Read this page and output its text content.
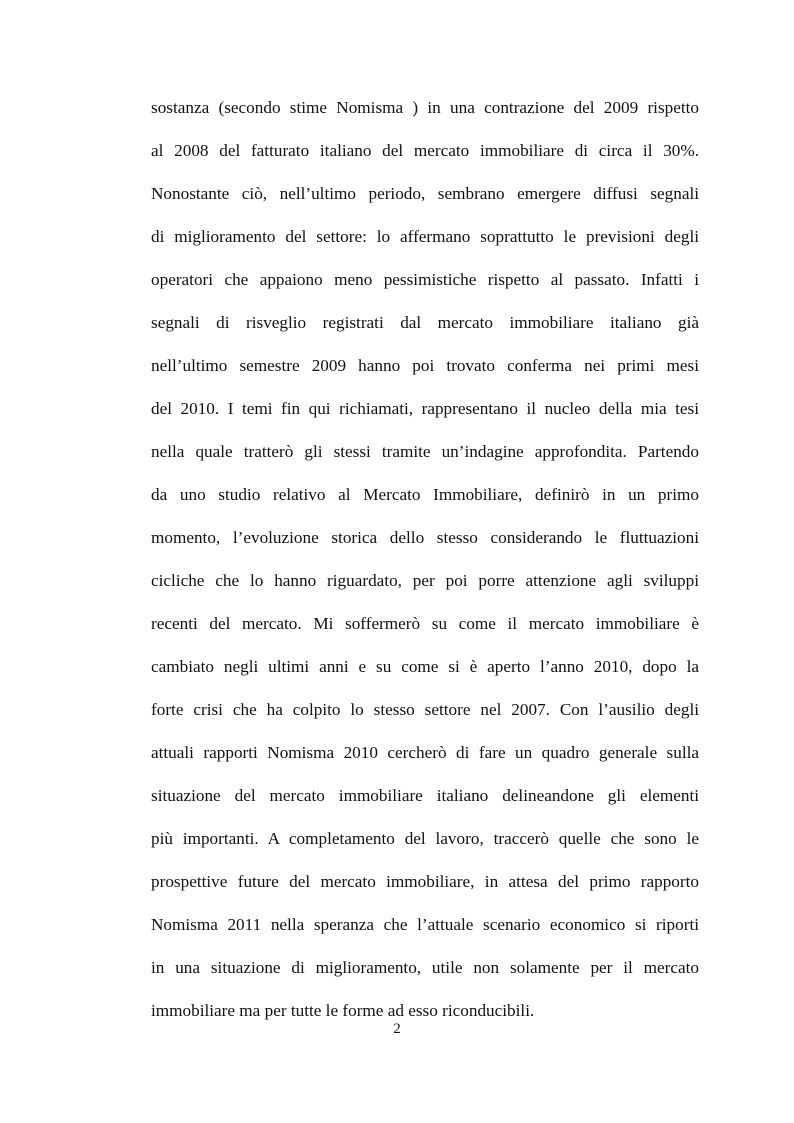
sostanza (secondo stime Nomisma ) in una contrazione del 2009 rispetto
al 2008 del fatturato italiano del mercato immobiliare di circa il 30%.
Nonostante ciò, nell’ultimo periodo, sembrano emergere diffusi segnali
di miglioramento del settore: lo affermano soprattutto le previsioni degli
operatori che appaiono meno pessimistiche rispetto al passato. Infatti i
segnali di risveglio registrati dal mercato immobiliare italiano già
nell’ultimo semestre 2009 hanno poi trovato conferma nei primi mesi
del 2010. I temi fin qui richiamati, rappresentano il nucleo della mia tesi
nella quale tratterò gli stessi tramite un’indagine approfondita. Partendo
da uno studio relativo al Mercato Immobiliare, definirò in un primo
momento, l’evoluzione storica dello stesso considerando le fluttuazioni
cicliche che lo hanno riguardato, per poi porre attenzione agli sviluppi
recenti del mercato. Mi soffermerò su come il mercato immobiliare è
cambiato negli ultimi anni e su come si è aperto l’anno 2010, dopo la
forte crisi che ha colpito lo stesso settore nel 2007. Con l’ausilio degli
attuali rapporti Nomisma 2010 cercherò di fare un quadro generale sulla
situazione del mercato immobiliare italiano delineandone gli elementi
più importanti. A completamento del lavoro, traccerò quelle che sono le
prospettive future del mercato immobiliare, in attesa del primo rapporto
Nomisma 2011 nella speranza che l’attuale scenario economico si riporti
in una situazione di miglioramento, utile non solamente per il mercato
immobiliare ma per tutte le forme ad esso riconducibili.
2
